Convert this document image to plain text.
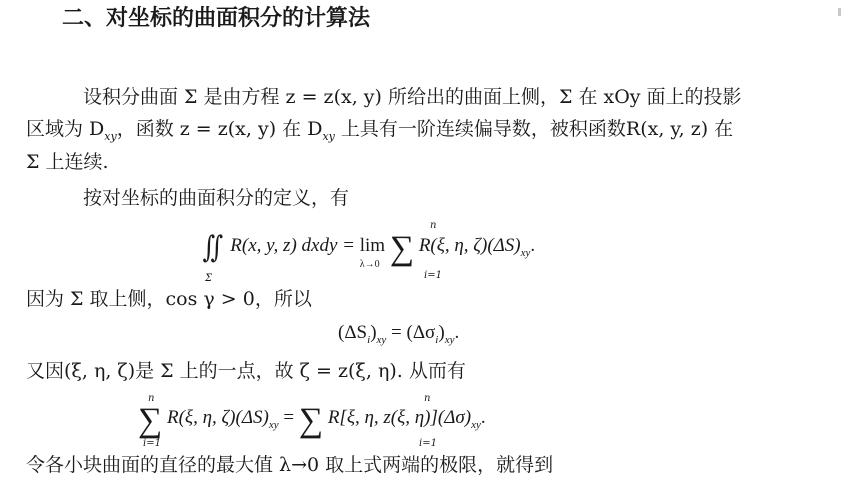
二、对坐标的曲面积分的计算法
设积分曲面 Σ 是由方程 z = z(x, y) 所给出的曲面上侧，Σ 在 xOy 面上的投影
区域为 $D_{xy}$，函数 z = z(x, y) 在 $D_{xy}$ 上具有一阶连续偏导数，被积函数R(x, y, z) 在
Σ 上连续.
按对坐标的曲面积分的定义，有
∬ R(x, y, z) dxdy = lim
λ→0 ∑ R(ξ, η, $\zeta)(\Delta S)_{xy}$.
Σ
n
i=1
因为 Σ 取上侧，cos γ > 0，所以
$(\Delta S_i)_{xy} = (\Delta\sigma_i)_{xy}$.
又因(ξ, η, ζ)是 Σ 上的一点，故 ζ = z(ξ, η). 从而有
∑ R(ξ, η, $\zeta)(\Delta S)_{xy}$ = ∑ R[ξ, η, z(ξ, $\eta)](\Delta\sigma)_{xy}$.
n
i=1
n
i=1
令各小块曲面的直径的最大值 λ→0 取上式两端的极限，就得到
